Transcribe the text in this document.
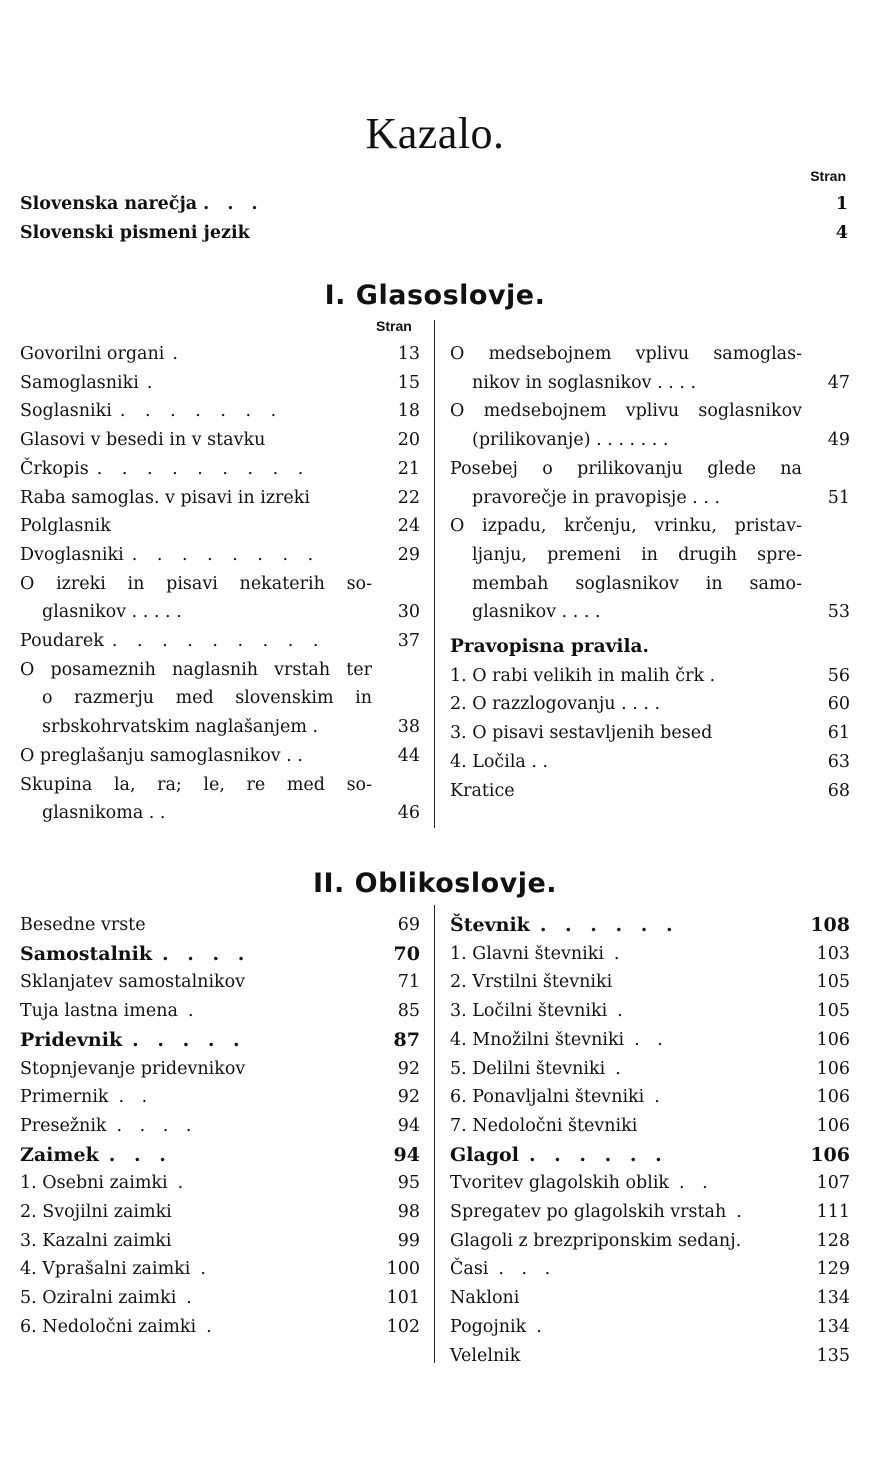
Kazalo.
Stran
Slovenska narečja . . .	1
Slovenski pismeni jezik	4
I. Glasoslovje.
Stran
Govorilni organi .	13
Samoglasniki .	15
Soglasniki . . . . . . .	18
Glasovi v besedi in v stavku	20
Črkopis . . . . . . . . .	21
Raba samoglas. v pisavi in izreki	22
Polglasnik	24
Dvoglasniki . . . . . . . .	29
O izreki in pisavi nekaterih so-
glasnikov . . . . .	30
Poudarek . . . . . . . . .	37
O posameznih naglasnih vrstah ter
o razmerju med slovenskim in
srbskohrvatskim naglašanjem .	38
O preglašanju samoglasnikov . .	44
Skupina la, ra; le, re med so-
glasnikoma . .	46
O medsebojnem vplivu samoglas-
nikov in soglasnikov . . . .	47
O medsebojnem vplivu soglasnikov
(prilikovanje) . . . . . . .	49
Posebej o prilikovanju glede na
pravorečje in pravopisje . . .	51
O izpadu, krčenju, vrinku, pristav-
ljanju, premeni in drugih spre-
membah soglasnikov in samo-
glasnikov . . . .	53
Pravopisna pravila.
1. O rabi velikih in malih črk .	56
2. O razzlogovanju . . . .	60
3. O pisavi sestavljenih besed	61
4. Ločila . .	63
Kratice	68
II. Oblikoslovje.
Besedne vrste	69
Samostalnik . . . .	70
Sklanjatev samostalnikov	71
Tuja lastna imena .	85
Pridevnik . . . . .	87
Stopnjevanje pridevnikov	92
Primernik . .	92
Presežnik . . . .	94
Zaimek . . .	94
1. Osebni zaimki .	95
2. Svojilni zaimki	98
3. Kazalni zaimki	99
4. Vprašalni zaimki .	100
5. Oziralni zaimki .	101
6. Nedoločni zaimki .	102
Števnik . . . . . .	108
1. Glavni števniki .	103
2. Vrstilni števniki	105
3. Ločilni števniki .	105
4. Množilni števniki . .	106
5. Delilni števniki .	106
6. Ponavljalni števniki .	106
7. Nedoločni števniki	106
Glagol . . . . . .	106
Tvoritev glagolskih oblik . .	107
Spregatev po glagolskih vrstah .	111
Glagoli z brezpriponskim sedanj.	128
Časi . . .	129
Nakloni	134
Pogojnik .	134
Velelnik	135
